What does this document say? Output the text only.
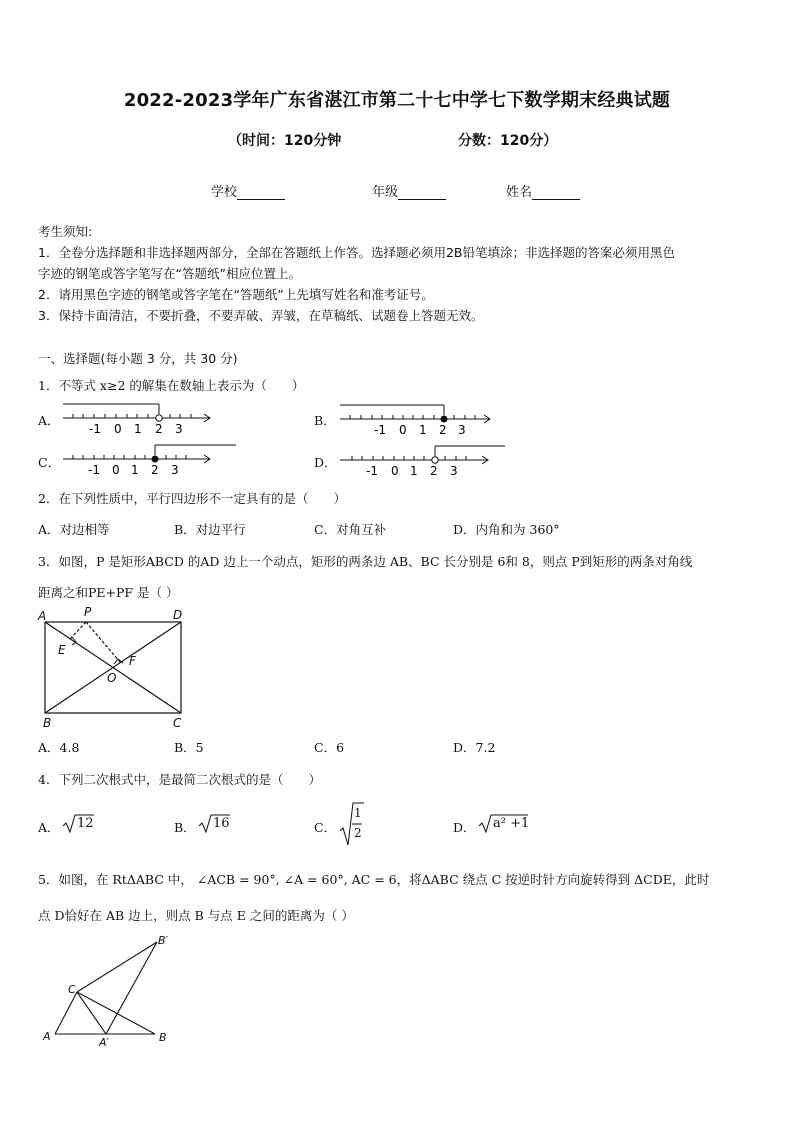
2022-2023学年广东省湛江市第二十七中学七下数学期末经典试题
（时间：120分钟	分数：120分）
学校	年级	姓名
考生须知:
1．全卷分选择题和非选择题两部分，全部在答题纸上作答。选择题必须用2B铅笔填涂；非选择题的答案必须用黑色
字迹的钢笔或答字笔写在“答题纸”相应位置上。
2．请用黑色字迹的钢笔或答字笔在“答题纸”上先填写姓名和准考证号。
3．保持卡面清洁，不要折叠，不要弄破、弄皱，在草稿纸、试题卷上答题无效。
一、选择题(每小题 3 分，共 30 分)
1．不等式 x≥2 的解集在数轴上表示为（　　）
A．	B．
C．	D．
-1 0 1 2 3	-1 0 1 2 3
-1 0 1 2 3	-1 0 1 2 3
A	P	D
E
F
O
B	C
B′
C
A	A′	B
2．在下列性质中，平行四边形不一定具有的是（　　）
A．对边相等	B．对边平行	C．对角互补	D．内角和为 360°
3．如图，P 是矩形ABCD 的AD 边上一个动点，矩形的两条边 AB、BC 长分别是 6和 8，则点 P到矩形的两条对角线
距离之和PE+PF 是（ ）
A．4.8	B．5	C．6	D．7.2
4．下列二次根式中，是最简二次根式的是（　　）
A． 12	B． 16	C．
1
2	D． a² +1
5．如图，在 RtΔABC 中， ∠ACB = 90°, ∠A = 60°, AC = 6，将ΔABC 绕点 C 按逆时针方向旋转得到 ΔCDE，此时
点 D恰好在 AB 边上，则点 B 与点 E 之间的距离为（ ）
